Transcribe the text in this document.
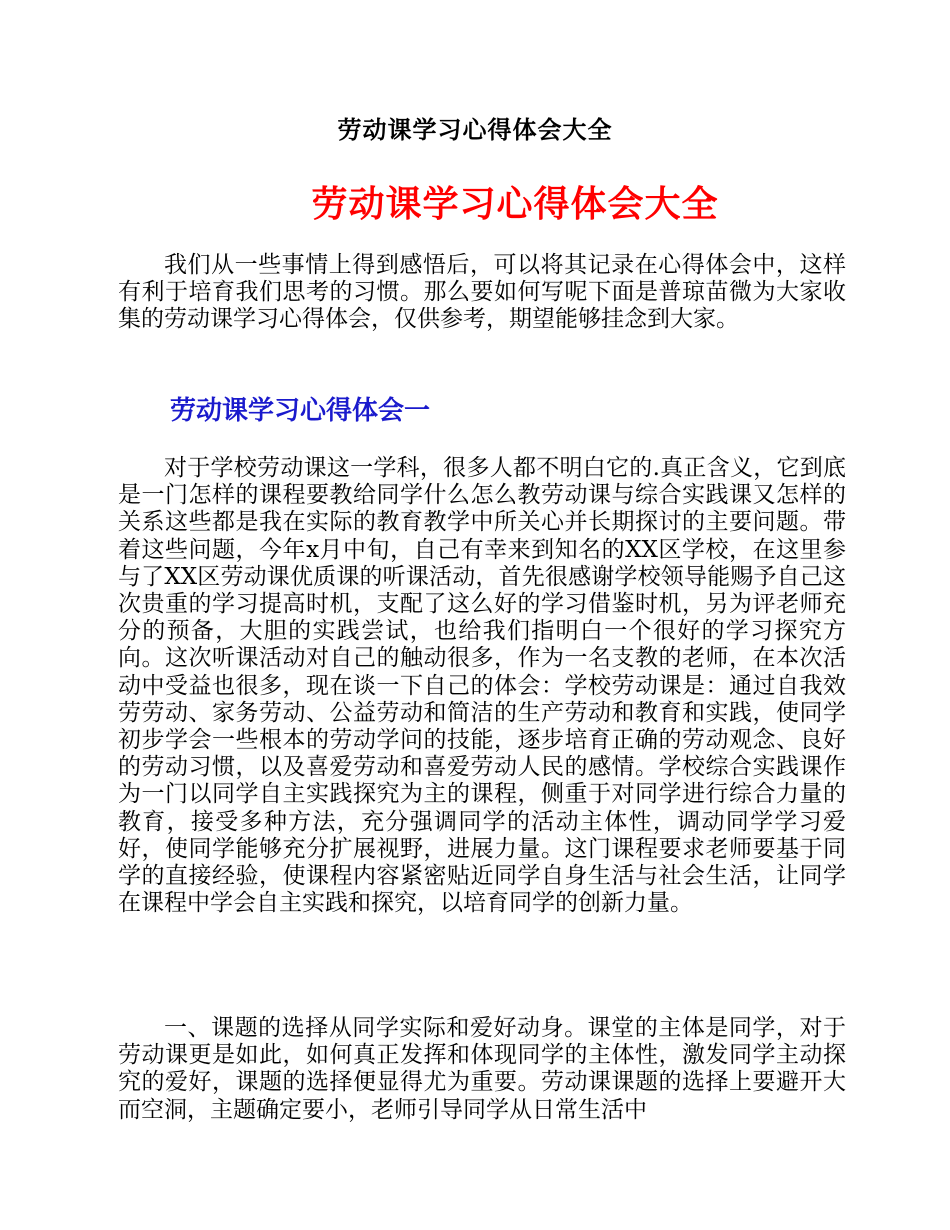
劳动课学习心得体会大全
劳动课学习心得体会大全

我们从一些事情上得到感悟后，可以将其记录在心得体会中，这样有利于培育我们思考的习惯。那么要如何写呢下面是普琼苗微为大家收集的劳动课学习心得体会，仅供参考，期望能够挂念到大家。

劳动课学习心得体会一

对于学校劳动课这一学科，很多人都不明白它的.真正含义，它到底是一门怎样的课程要教给同学什么怎么教劳动课与综合实践课又怎样的关系这些都是我在实际的教育教学中所关心并长期探讨的主要问题。带着这些问题，今年x月中旬，自己有幸来到知名的XX区学校，在这里参与了XX区劳动课优质课的听课活动，首先很感谢学校领导能赐予自己这次贵重的学习提高时机，支配了这么好的学习借鉴时机，另为评老师充分的预备，大胆的实践尝试，也给我们指明白一个很好的学习探究方向。这次听课活动对自己的触动很多，作为一名支教的老师，在本次活动中受益也很多，现在谈一下自己的体会：学校劳动课是：通过自我效劳劳动、家务劳动、公益劳动和简洁的生产劳动和教育和实践，使同学初步学会一些根本的劳动学问的技能，逐步培育正确的劳动观念、良好的劳动习惯，以及喜爱劳动和喜爱劳动人民的感情。学校综合实践课作为一门以同学自主实践探究为主的课程，侧重于对同学进行综合力量的教育，接受多种方法，充分强调同学的活动主体性，调动同学学习爱好，使同学能够充分扩展视野，进展力量。这门课程要求老师要基于同学的直接经验，使课程内容紧密贴近同学自身生活与社会生活，让同学在课程中学会自主实践和探究，以培育同学的创新力量。

一、课题的选择从同学实际和爱好动身。课堂的主体是同学，对于劳动课更是如此，如何真正发挥和体现同学的主体性，激发同学主动探究的爱好，课题的选择便显得尤为重要。劳动课课题的选择上要避开大而空洞，主题确定要小，老师引导同学从日常生活中
